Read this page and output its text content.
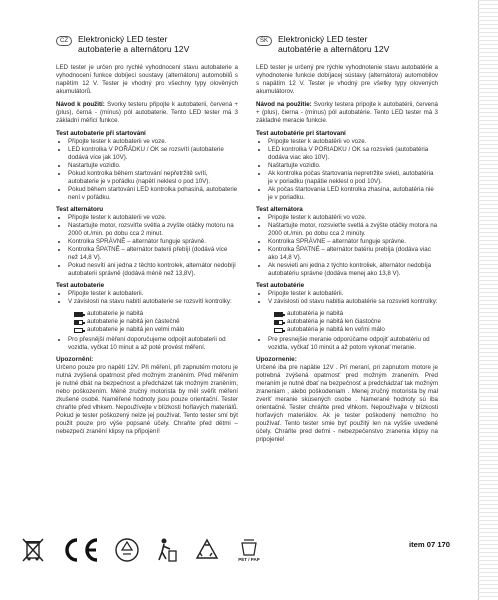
CZ	Elektronický LED tester
autobaterie a alternátoru 12V

LED tester je určen pro rychlé vyhodnocení stavu autobaterie a vyhodnocení funkce dobíjecí soustavy (alternátoru) automobilů s napětím 12 V. Tester je vhodný pro všechny typy olověných akumulátorů.

Návod k použití: Svorky testeru připojte k autobaterii, červená + (plus), černá - (mínus) pól autobaterie. Tento LED tester má 3 základní měřicí funkce.

Test autobaterie při startování
• Připojte tester k autobaterii ve voze.
• LED kontrolka V POŘÁDKU / OK se rozsvítí (autobaterie dodává více jak 10V).
• Nastartujte vozidlo.
• Pokud kontrolka během startování nepřetržitě svítí, autobaterie je v pořádku (napětí neklesl o pod 10V).
• Pokud během startování LED kontrolka pohasíná, autobaterie není v pořádku.
Test alternátoru
• Připojte tester k autobaterii ve voze.
• Nastartujte motor, rozsviťte světla a zvyšte otáčky motoru na 2000 ot./min. po dobu cca 2 minut.
• Kontrolka SPRÁVNĚ – alternátor funguje správně.
• Kontrolka ŠPATNĚ – alternátor baterii přebíjí (dodává více než 14,8 V).
• Pokud nesvítí ani jedna z těchto kontrolek, alternátor nedobíjí autobaterii správně (dodává méně než 13,8V).
Test autobaterie
• Připojte tester k autobaterii.
• V závislosti na stavu nabití autobaterie se rozsvítí kontrolky:
autobaterie je nabitá
autobaterie je nabitá jen částečně
autobaterie je nabitá jen velmi málo
• Pro přesnější měření doporučujeme odpojit autobaterii od vozidla, vyčkat 10 minut a až poté provést měření.
Upozornění:

Určeno pouze pro napětí 12V. Při měření, při zapnutém motoru je nutná zvýšená opatrnost před možným zraněním. Před měřením je nutné dbát na bezpečnost a předcházet tak možným zraněním, nebo poškozením. Méně zručný motorista by měl svěřit měření zkušené osobě. Naměřené hodnoty jsou pouze orientační. Tester chraňte před vlhkem. Nepoužívejte v blízkosti hořlavých materiálů. Pokud je tester poškozený nelze jej používat. Tento tester smí být použit pouze pro výše popsané účely. Chraňte před dětmi – nebezpečí zranění klipsy na připojení!

SK	Elektronický LED tester
autobatérie a alternátoru 12V

LED tester je určený pre rýchle vyhodnotenie stavu autobatérie a vyhodnotenie funkcie dobíjacej sústavy (alternátora) automobilov s napätím 12 V. Tester je vhodný pre všetky typy olovených akumulátorov.

Návod na použitie: Svorky testera pripojte k autobatérii, červená + (plus), čierna - (mínus) pól autobatérie. Tento LED tester má 3 základné meracie funkcie.

Test autobatérie pri štartovaní
• Pripojte tester k autobatérii vo voze.
• LED kontrolka V PORIADKU / OK sa rozsvieti (autobatéria dodáva viac ako 10V).
• Naštartujte vozidlo.
• Ak kontrolka počas štartovania nepretržite svieti, autobatéria je v poriadku (napätie neklesl o pod 10V).
• Ak počas štartovania LED kontrolka zhasína, autobatéria nie je v poriadku.
Test alternátora
• Pripojte tester k autobatérii vo voze.
• Naštartujte motor, rozsvieťte svetlá a zvýšte otáčky motora na 2000 ot./min. po dobu cca 2 minúty.
• Kontrolka SPRÁVNE – alternátor funguje správne.
• Kontrolka ŠPATNÉ – alternátor batériu prebíja (dodáva viac ako 14,8 V).
• Ak nesvieti ani jedna z týchto kontroliek, alternátor nedobíja autobatériu správne (dodáva menej ako 13,8 V).
Test autobatérie
• Pripojte tester k autobatérii.
• V závislosti od stavu nabitia autobatérie sa rozsvieti kontrolky:
autobatéria je nabitá
autobatéria je nabitá len čiastočne
autobatéria je nabitá len veľmi málo
• Pre presnejšie meranie odporúčame odpojiť autobatériu od vozidla, vyčkať 10 minút a až potom vykonať meranie.
Upozornenie:

Určené iba pre napätie 12V . Pri meraní, pri zapnutom motore je potrebná zvýšená opatrnosť pred možným zranením. Pred meraním je nutné dbať na bezpečnosť a predchádzať tak možným zraneniam , alebo poškodeniam . Menej zručný motorista by mal zveriť meranie skúsených osobe . Namerané hodnoty sú iba orientačné. Tester chráňte pred vlhkom. Nepoužívajte v blízkosti horľavých materiálov. Ak je tester poškodený nemožno ho používať. Tento tester smie byť použitý len na vyššie uvedené účely. Chráňte pred deťmi - nebezpečenstvo zranenia klipsy na pripojenie!

PET / PAP
item 07 170
